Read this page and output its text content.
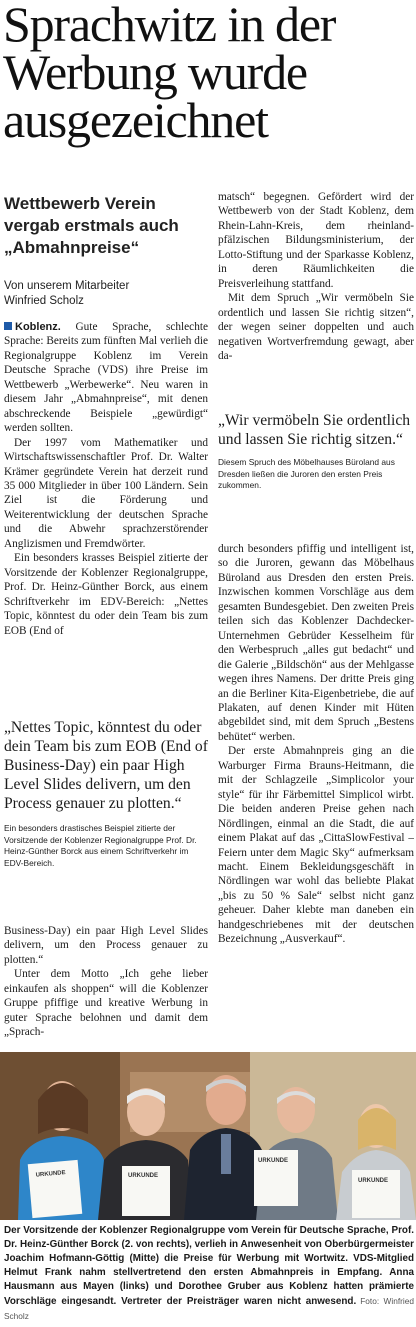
Sprachwitz in der
Werbung wurde
ausgezeichnet
Wettbewerb Verein vergab erstmals auch „Abmahnpreise“
Von unserem Mitarbeiter
Winfried Scholz

Koblenz. Gute Sprache, schlechte Sprache: Bereits zum fünften Mal verlieh die Regionalgruppe Koblenz im Verein Deutsche Sprache (VDS) ihre Preise im Wettbewerb „Werbewerke“. Neu waren in diesem Jahr „Abmahnpreise“, mit denen abschreckende Beispiele „gewürdigt“ werden sollten.

Der 1997 vom Mathematiker und Wirtschaftswissenschaftler Prof. Dr. Walter Krämer gegründete Verein hat derzeit rund 35 000 Mitglieder in über 100 Ländern. Sein Ziel ist die Förderung und Weiterentwicklung der deutschen Sprache und die Abwehr sprachzerstörender Anglizismen und Fremdwörter.

Ein besonders krasses Beispiel zitierte der Vorsitzende der Koblenzer Regionalgruppe, Prof. Dr. Heinz-Günther Borck, aus einem Schriftverkehr im EDV-Bereich: „Nettes Topic, könntest du oder dein Team bis zum EOB (End of

„Nettes Topic, könntest du oder dein Team bis zum EOB (End of Business-Day) ein paar High Level Slides delivern, um den Process genauer zu plotten.“

Ein besonders drastisches Beispiel zitierte der Vorsitzende der Koblenzer Regionalgruppe Prof. Dr. Heinz-Günther Borck aus einem Schriftverkehr im EDV-Bereich.

Business-Day) ein paar High Level Slides delivern, um den Process genauer zu plotten.“

Unter dem Motto „Ich gehe lieber einkaufen als shoppen“ will die Koblenzer Gruppe pfiffige und kreative Werbung in guter Sprache belohnen und damit dem „Sprach-

matsch“ begegnen. Gefördert wird der Wettbewerb von der Stadt Koblenz, dem Rhein-Lahn-Kreis, dem rheinland-pfälzischen Bildungsministerium, der Lotto-Stiftung und der Sparkasse Koblenz, in deren Räumlichkeiten die Preisverleihung stattfand.

Mit dem Spruch „Wir vermöbeln Sie ordentlich und lassen Sie richtig sitzen“, der wegen seiner doppelten und auch negativen Wortverfremdung gewagt, aber da-

„Wir vermöbeln Sie ordentlich und lassen Sie richtig sitzen.“

Diesem Spruch des Möbelhauses Büroland aus Dresden ließen die Juroren den ersten Preis zukommen.

durch besonders pfiffig und intelligent ist, so die Juroren, gewann das Möbelhaus Büroland aus Dresden den ersten Preis. Inzwischen kommen Vorschläge aus dem gesamten Bundesgebiet. Den zweiten Preis teilen sich das Koblenzer Dachdecker-Unternehmen Gebrüder Kesselheim für den Werbespruch „alles gut bedacht“ und die Galerie „Bildschön“ aus der Mehlgasse wegen ihres Namens. Der dritte Preis ging an die Berliner Kita-Eigenbetriebe, die auf Plakaten, auf denen Kinder mit Hüten abgebildet sind, mit dem Spruch „Bestens behütet“ werben.

Der erste Abmahnpreis ging an die Warburger Firma Brauns-Heitmann, die mit der Schlagzeile „Simplicolor your style“ für ihr Färbemittel Simplicol wirbt. Die beiden anderen Preise gehen nach Nördlingen, einmal an die Stadt, die auf einem Plakat auf das „CittaSlowFestival – Feiern unter dem Magic Sky“ aufmerksam macht. Einem Bekleidungsgeschäft in Nördlingen war wohl das beliebte Plakat „bis zu 50 % Sale“ selbst nicht ganz geheuer. Daher klebte man daneben ein handgeschriebenes mit der deutschen Bezeichnung „Ausverkauf“.

URKUNDE	URKUNDE
URKUNDE
URKUNDE

Der Vorsitzende der Koblenzer Regionalgruppe vom Verein für Deutsche Sprache, Prof. Dr. Heinz-Günther Borck (2. von rechts), verlieh in Anwesenheit von Oberbürgermeister Joachim Hofmann-Göttig (Mitte) die Preise für Werbung mit Wortwitz. VDS-Mitglied Helmut Frank nahm stellvertretend den ersten Abmahnpreis in Empfang. Anna Hausmann aus Mayen (links) und Dorothee Gruber aus Koblenz hatten prämierte Vorschläge eingesandt. Vertreter der Preisträger waren nicht anwesend. Foto: Winfried Scholz
